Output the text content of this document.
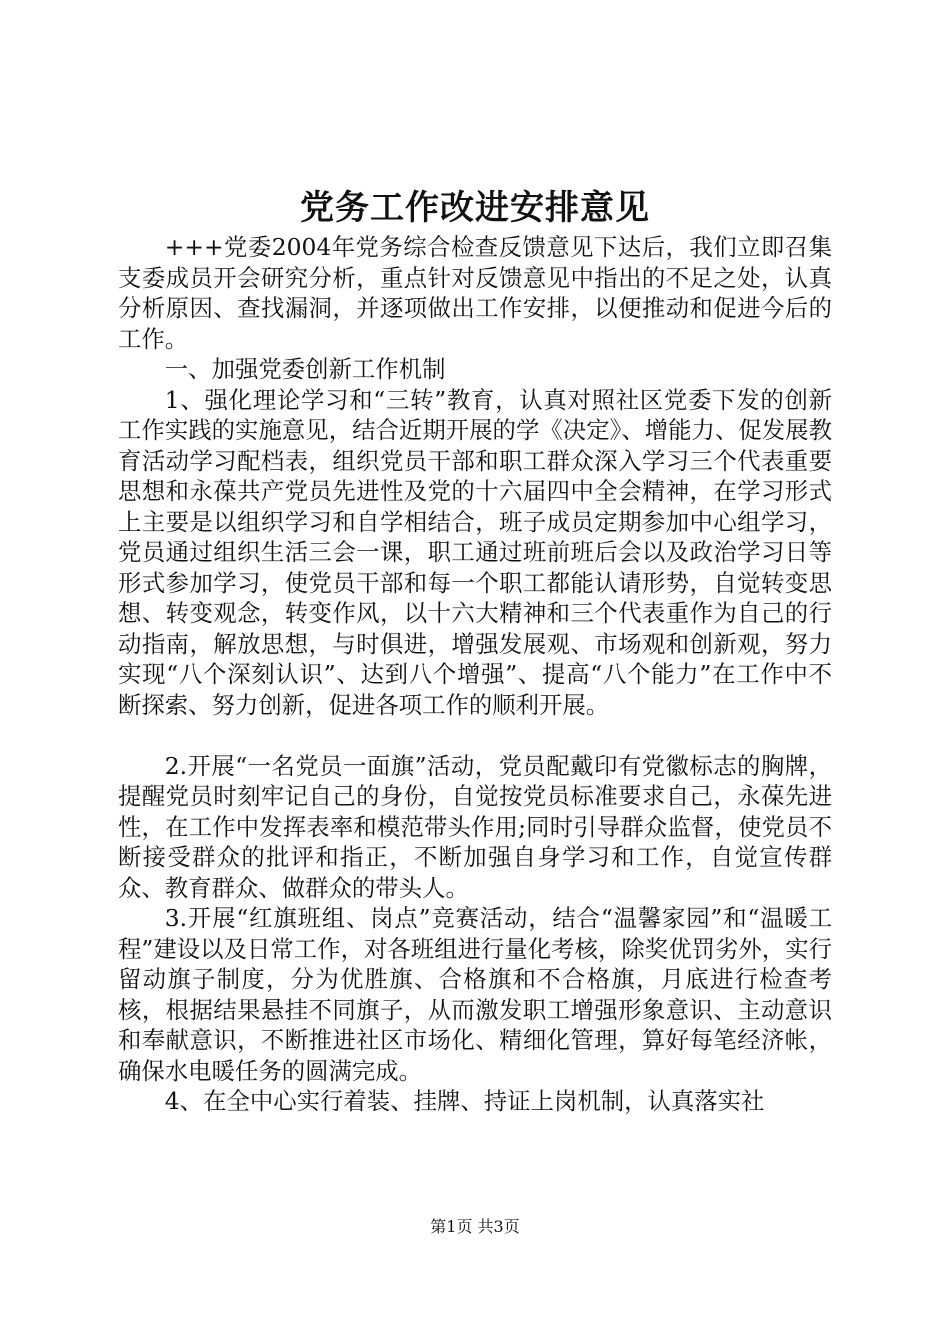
党务工作改进安排意见

+++党委2004年党务综合检查反馈意见下达后，我们立即召集支委成员开会研究分析，重点针对反馈意见中指出的不足之处，认真分析原因、查找漏洞，并逐项做出工作安排，以便推动和促进今后的工作。

一、加强党委创新工作机制

1、强化理论学习和“三转”教育，认真对照社区党委下发的创新工作实践的实施意见，结合近期开展的学《决定》、增能力、促发展教育活动学习配档表，组织党员干部和职工群众深入学习三个代表重要思想和永葆共产党员先进性及党的十六届四中全会精神，在学习形式上主要是以组织学习和自学相结合，班子成员定期参加中心组学习，党员通过组织生活三会一课，职工通过班前班后会以及政治学习日等形式参加学习，使党员干部和每一个职工都能认请形势，自觉转变思想、转变观念，转变作风，以十六大精神和三个代表重作为自己的行动指南，解放思想，与时俱进，增强发展观、市场观和创新观，努力实现“八个深刻认识”、达到八个增强”、提高“八个能力”在工作中不断探索、努力创新，促进各项工作的顺利开展。

2.开展“一名党员一面旗”活动，党员配戴印有党徽标志的胸牌，提醒党员时刻牢记自己的身份，自觉按党员标准要求自己，永葆先进性，在工作中发挥表率和模范带头作用;同时引导群众监督，使党员不断接受群众的批评和指正，不断加强自身学习和工作，自觉宣传群众、教育群众、做群众的带头人。

3.开展“红旗班组、岗点”竞赛活动，结合“温馨家园”和“温暖工程”建设以及日常工作，对各班组进行量化考核，除奖优罚劣外，实行留动旗子制度，分为优胜旗、合格旗和不合格旗，月底进行检查考核，根据结果悬挂不同旗子，从而激发职工增强形象意识、主动意识和奉献意识，不断推进社区市场化、精细化管理，算好每笔经济帐，确保水电暖任务的圆满完成。

4、在全中心实行着装、挂牌、持证上岗机制，认真落实社

第1页 共3页
